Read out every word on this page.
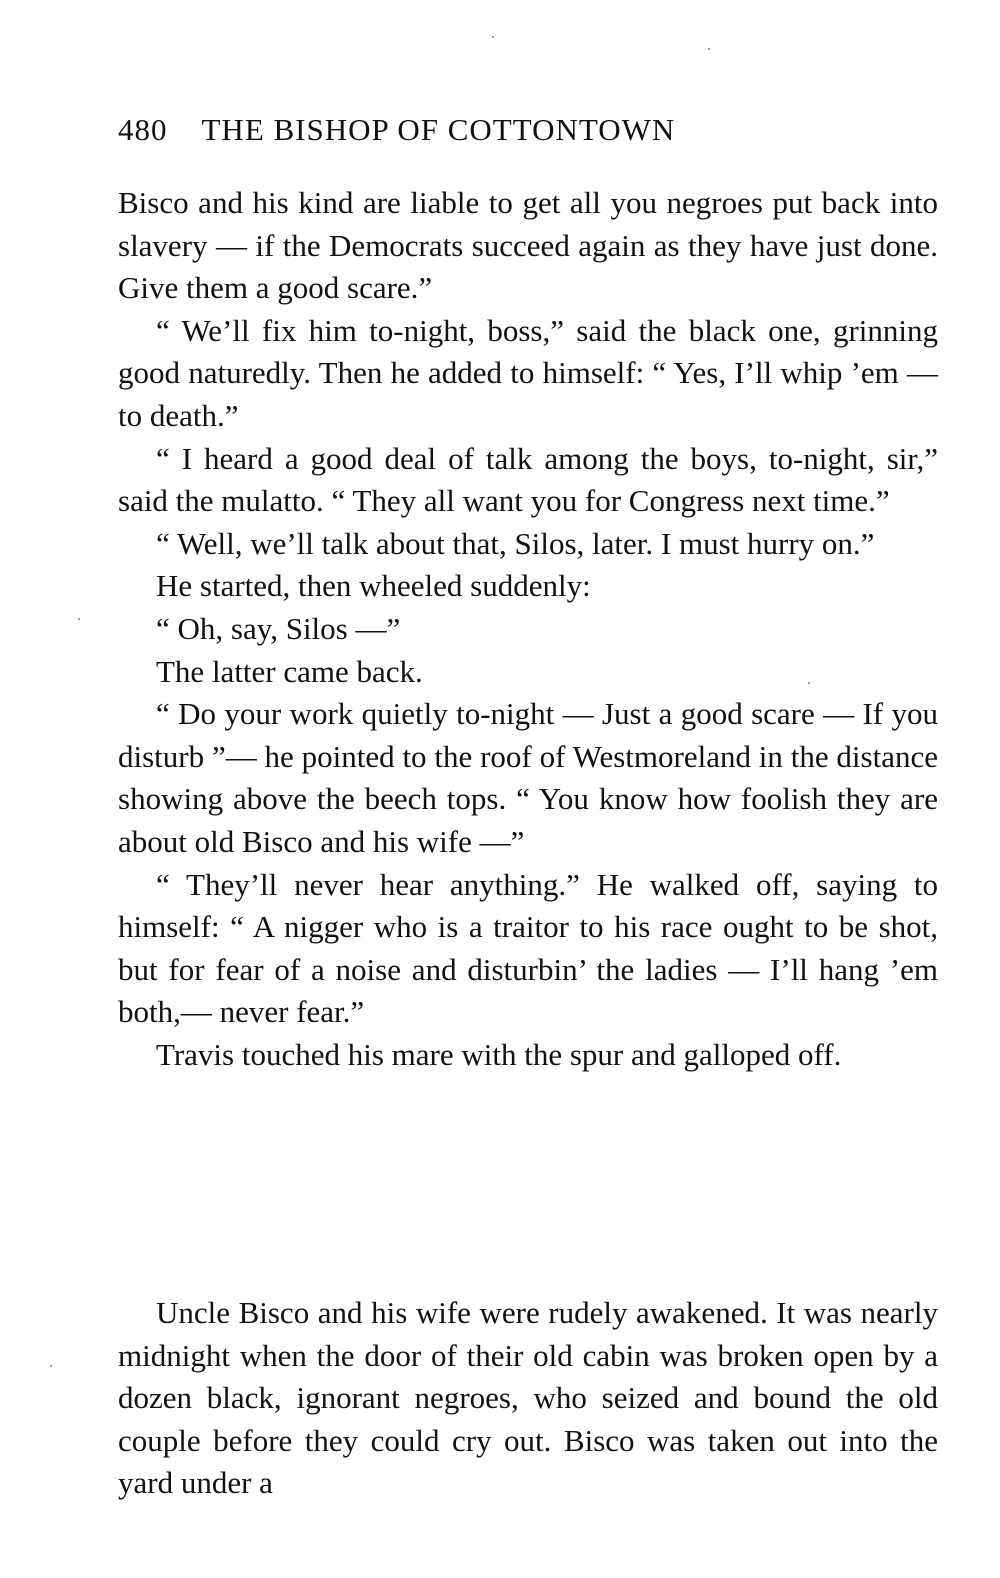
480 THE BISHOP OF COTTONTOWN

Bisco and his kind are liable to get all you negroes put back into slavery — if the Democrats succeed again as they have just done. Give them a good scare.”

“ We’ll fix him to-night, boss,” said the black one, grinning good naturedly. Then he added to himself: “ Yes, I’ll whip ’em — to death.”

“ I heard a good deal of talk among the boys, to-night, sir,” said the mulatto. “ They all want you for Congress next time.”

“ Well, we’ll talk about that, Silos, later. I must hurry on.”

He started, then wheeled suddenly:

“ Oh, say, Silos —”

The latter came back.

“ Do your work quietly to-night — Just a good scare — If you disturb ”— he pointed to the roof of Westmoreland in the distance showing above the beech tops. “ You know how foolish they are about old Bisco and his wife —”

“ They’ll never hear anything.” He walked off, saying to himself: “ A nigger who is a traitor to his race ought to be shot, but for fear of a noise and disturbin’ the ladies — I’ll hang ’em both,— never fear.”

Travis touched his mare with the spur and galloped off.

Uncle Bisco and his wife were rudely awakened. It was nearly midnight when the door of their old cabin was broken open by a dozen black, ignorant negroes, who seized and bound the old couple before they could cry out. Bisco was taken out into the yard under a
